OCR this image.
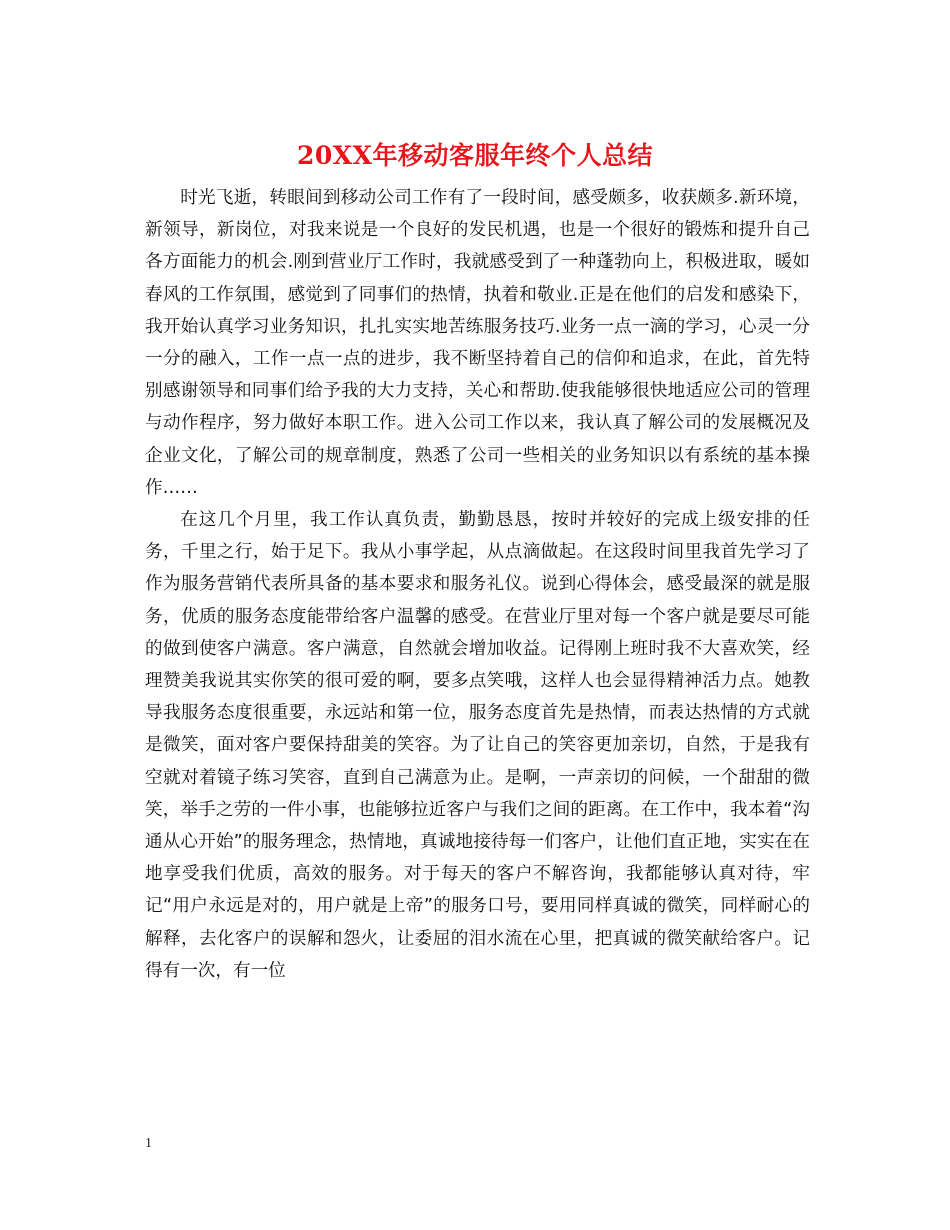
20XX年移动客服年终个人总结

时光飞逝，转眼间到移动公司工作有了一段时间，感受颇多，收获颇多.新环境，新领导，新岗位，对我来说是一个良好的发民机遇，也是一个很好的锻炼和提升自己各方面能力的机会.刚到营业厅工作时，我就感受到了一种蓬勃向上，积极进取，暖如春风的工作氛围，感觉到了同事们的热情，执着和敬业.正是在他们的启发和感染下，我开始认真学习业务知识，扎扎实实地苦练服务技巧.业务一点一滴的学习，心灵一分一分的融入，工作一点一点的进步，我不断坚持着自己的信仰和追求，在此，首先特别感谢领导和同事们给予我的大力支持，关心和帮助.使我能够很快地适应公司的管理与动作程序，努力做好本职工作。进入公司工作以来，我认真了解公司的发展概况及企业文化，了解公司的规章制度，熟悉了公司一些相关的业务知识以有系统的基本操作……

在这几个月里，我工作认真负责，勤勤恳恳，按时并较好的完成上级安排的任务，千里之行，始于足下。我从小事学起，从点滴做起。在这段时间里我首先学习了作为服务营销代表所具备的基本要求和服务礼仪。说到心得体会，感受最深的就是服务，优质的服务态度能带给客户温馨的感受。在营业厅里对每一个客户就是要尽可能的做到使客户满意。客户满意，自然就会增加收益。记得刚上班时我不大喜欢笑，经理赞美我说其实你笑的很可爱的啊，要多点笑哦，这样人也会显得精神活力点。她教导我服务态度很重要，永远站和第一位，服务态度首先是热情，而表达热情的方式就是微笑，面对客户要保持甜美的笑容。为了让自己的笑容更加亲切，自然，于是我有空就对着镜子练习笑容，直到自己满意为止。是啊，一声亲切的问候，一个甜甜的微笑，举手之劳的一件小事，也能够拉近客户与我们之间的距离。在工作中，我本着“沟通从心开始”的服务理念，热情地，真诚地接待每一们客户，让他们直正地，实实在在地享受我们优质，高效的服务。对于每天的客户不解咨询，我都能够认真对待，牢记“用户永远是对的，用户就是上帝”的服务口号，要用同样真诚的微笑，同样耐心的解释，去化客户的误解和怨火，让委屈的泪水流在心里，把真诚的微笑献给客户。记得有一次，有一位

1
